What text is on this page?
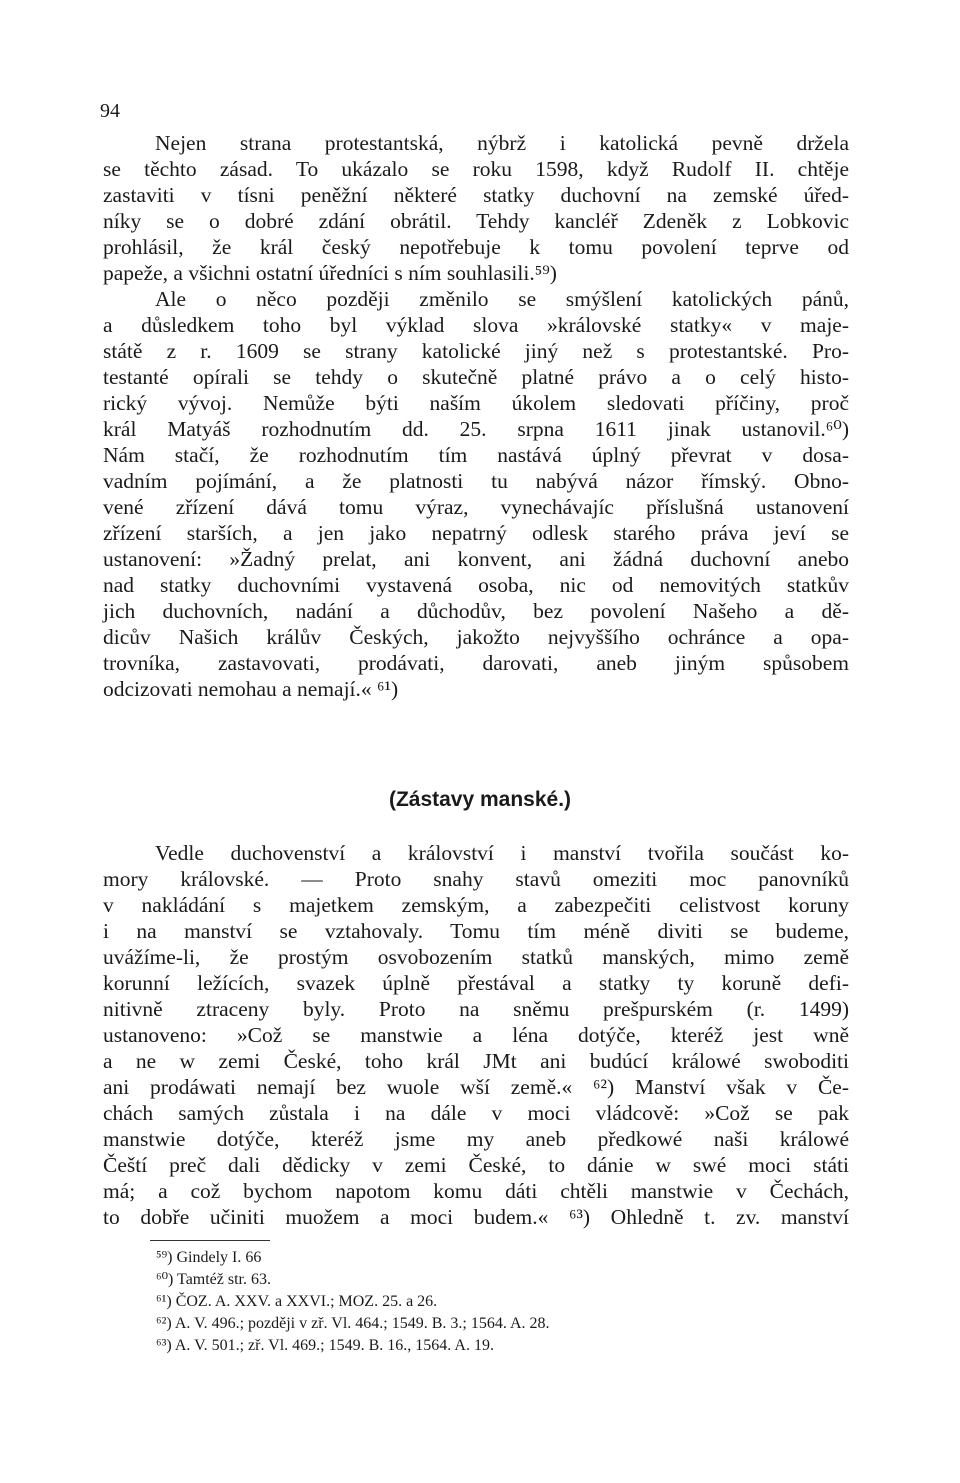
94
Nejen strana protestantská, nýbrž i katolická pevně držela
se těchto zásad. To ukázalo se roku 1598, když Rudolf II. chtěje
zastaviti v tísni peněžní některé statky duchovní na zemské úřed-
níky se o dobré zdání obrátil. Tehdy kancléř Zdeněk z Lobkovic
prohlásil, že král český nepotřebuje k tomu povolení teprve od
papeže, a všichni ostatní úředníci s ním souhlasili.⁵⁹)
Ale o něco později změnilo se smýšlení katolických pánů,
a důsledkem toho byl výklad slova »královské statky« v maje-
státě z r. 1609 se strany katolické jiný než s protestantské. Pro-
testanté opírali se tehdy o skutečně platné právo a o celý histo-
rický vývoj. Nemůže býti naším úkolem sledovati příčiny, proč
král Matyáš rozhodnutím dd. 25. srpna 1611 jinak ustanovil.⁶⁰)
Nám stačí, že rozhodnutím tím nastává úplný převrat v dosa-
vadním pojímání, a že platnosti tu nabývá názor římský. Obno-
vené zřízení dává tomu výraz, vynechávajíc příslušná ustanovení
zřízení starších, a jen jako nepatrný odlesk starého práva jeví se
ustanovení: »Žadný prelat, ani konvent, ani žádná duchovní anebo
nad statky duchovními vystavená osoba, nic od nemovitých statkův
jich duchovních, nadání a důchodův, bez povolení Našeho a dě-
dicův Našich králův Českých, jakožto nejvyššího ochránce a opa-
trovníka, zastavovati, prodávati, darovati, aneb jiným spůsobem
odcizovati nemohau a nemají.« ⁶¹)
(Zástavy manské.)
Vedle duchovenství a království i manství tvořila součást ko-
mory královské. — Proto snahy stavů omeziti moc panovníků
v nakládání s majetkem zemským, a zabezpečiti celistvost koruny
i na manství se vztahovaly. Tomu tím méně diviti se budeme,
uvážíme-li, že prostým osvobozením statků manských, mimo země
korunní ležících, svazek úplně přestával a statky ty koruně defi-
nitivně ztraceny byly. Proto na sněmu prešpurském (r. 1499)
ustanoveno: »Což se manstwie a léna dotýče, kteréž jest wně
a ne w zemi České, toho král JMt ani budúcí králowé swoboditi
ani prodáwati nemají bez wuole wší země.« ⁶²) Manství však v Če-
chách samých zůstala i na dále v moci vládcově: »Což se pak
manstwie dotýče, kteréž jsme my aneb předkowé naši králowé
Čeští preč dali dědicky v zemi České, to dánie w swé moci státi
má; a což bychom napotom komu dáti chtěli manstwie v Čechách,
to dobře učiniti muožem a moci budem.« ⁶³) Ohledně t. zv. manství
⁵⁹) Gindely I. 66
⁶⁰) Tamtéž str. 63.
⁶¹) ČOZ. A. XXV. a XXVI.; MOZ. 25. a 26.
⁶²) A. V. 496.; později v zř. Vl. 464.; 1549. B. 3.; 1564. A. 28.
⁶³) A. V. 501.; zř. Vl. 469.; 1549. B. 16., 1564. A. 19.
